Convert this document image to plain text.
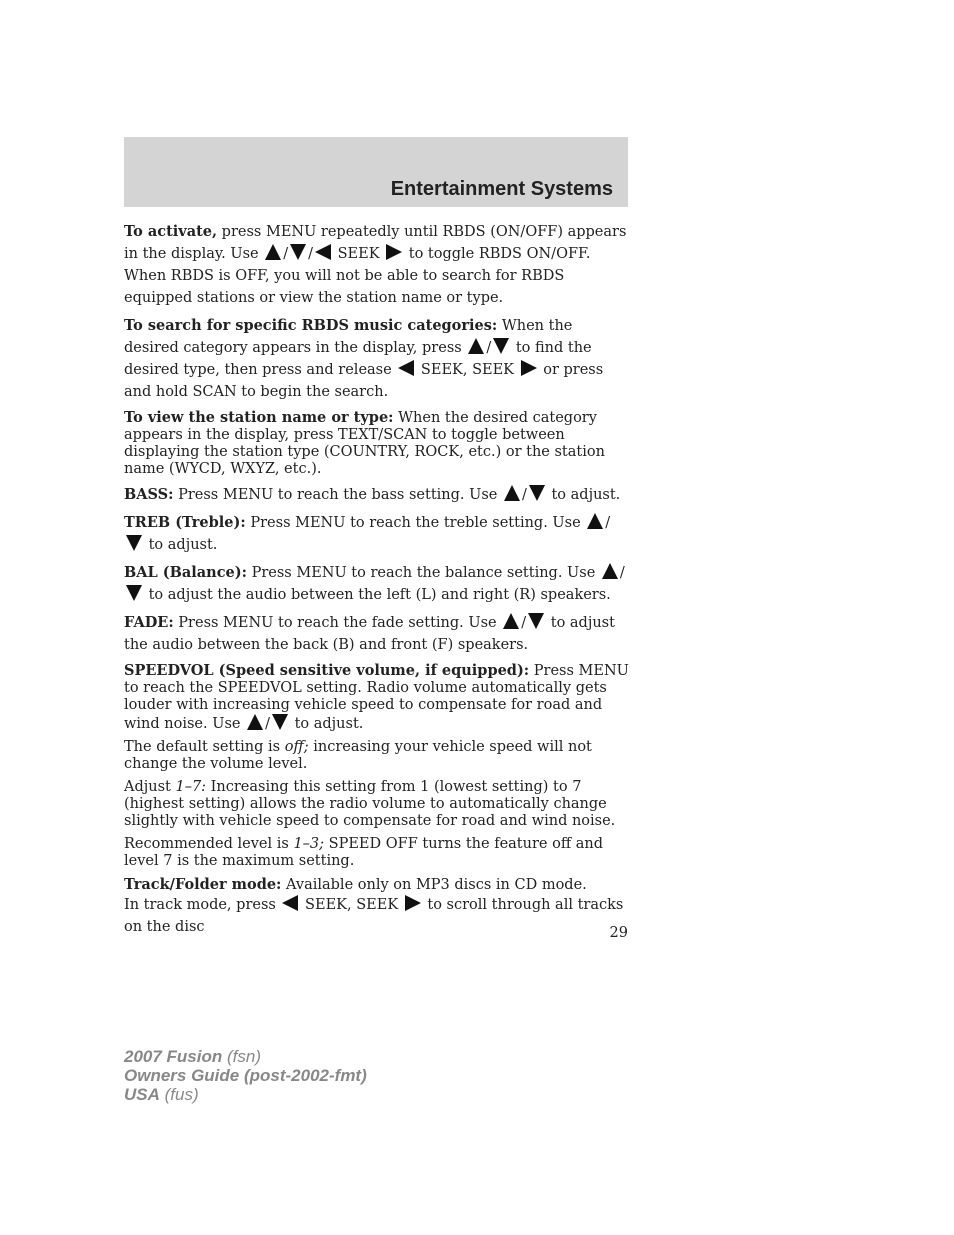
Entertainment Systems

To activate, press MENU repeatedly until RBDS (ON/OFF) appears in the display. Use / / SEEK  to toggle RBDS ON/OFF. When RBDS is OFF, you will not be able to search for RBDS equipped stations or view the station name or type.

To search for specific RBDS music categories: When the desired category appears in the display, press / to find the desired type, then press and release  SEEK, SEEK  or press and hold SCAN to begin the search.

To view the station name or type: When the desired category appears in the display, press TEXT/SCAN to toggle between displaying the station type (COUNTRY, ROCK, etc.) or the station name (WYCD, WXYZ, etc.).

BASS: Press MENU to reach the bass setting. Use / to adjust.

TREB (Treble): Press MENU to reach the treble setting. Use / to adjust.

BAL (Balance): Press MENU to reach the balance setting. Use / to adjust the audio between the left (L) and right (R) speakers.

FADE: Press MENU to reach the fade setting. Use / to adjust the audio between the back (B) and front (F) speakers.

SPEEDVOL (Speed sensitive volume, if equipped): Press MENU to reach the SPEEDVOL setting. Radio volume automatically gets louder with increasing vehicle speed to compensate for road and wind noise. Use / to adjust.

The default setting is off; increasing your vehicle speed will not change the volume level.

Adjust 1–7: Increasing this setting from 1 (lowest setting) to 7 (highest setting) allows the radio volume to automatically change slightly with vehicle speed to compensate for road and wind noise.

Recommended level is 1–3; SPEED OFF turns the feature off and level 7 is the maximum setting.

Track/Folder mode: Available only on MP3 discs in CD mode.

In track mode, press  SEEK, SEEK  to scroll through all tracks on the disc	29
2007 Fusion (fsn)
Owners Guide (post-2002-fmt)
USA (fus)
